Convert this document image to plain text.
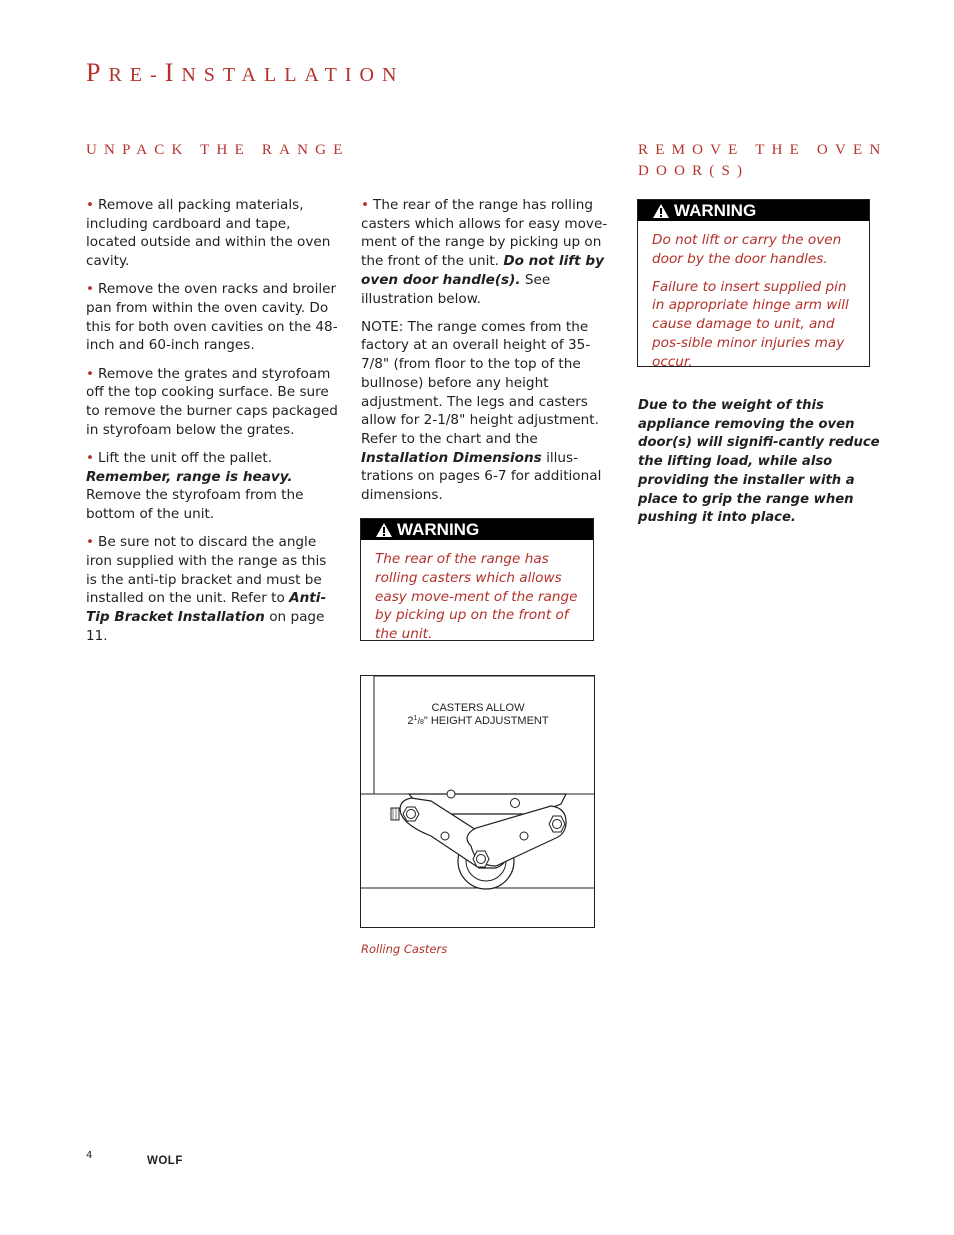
PRE-INSTALLATION
UNPACK THE RANGE	REMOVE THE OVEN
DOOR(S)

• Remove all packing materials, including cardboard and tape, located outside and within the oven cavity.

• Remove the oven racks and broiler pan from within the oven cavity. Do this for both oven cavities on the 48-inch and 60-inch ranges.

• Remove the grates and styrofoam off the top cooking surface. Be sure to remove the burner caps packaged in styrofoam below the grates.

• Lift the unit off the pallet. Remember, range is heavy. Remove the styrofoam from the bottom of the unit.

• Be sure not to discard the angle iron supplied with the range as this is the anti-tip bracket and must be installed on the unit. Refer to Anti-Tip Bracket Installation on page 11.

• The rear of the range has rolling casters which allows for easy move-ment of the range by picking up on the front of the unit. Do not lift by oven door handle(s). See illustration below.

NOTE: The range comes from the factory at an overall height of 35-7/8" (from floor to the top of the bullnose) before any height adjustment. The legs and casters allow for 2-1/8" height adjustment. Refer to the chart and the Installation Dimensions illus-trations on pages 6-7 for additional dimensions.

WARNING

The rear of the range has rolling casters which allows easy move-ment of the range by picking up on the front of the unit.

WARNING

Do not lift or carry the oven door by the door handles.

Failure to insert supplied pin in appropriate hinge arm will cause damage to unit, and pos-sible minor injuries may occur.

Due to the weight of this appliance removing the oven door(s) will signifi-cantly reduce the lifting load, while also providing the installer with a place to grip the range when pushing it into place.
CASTERS ALLOW
$2^1_/8$" HEIGHT ADJUSTMENT
Rolling Casters
4	WOLF
